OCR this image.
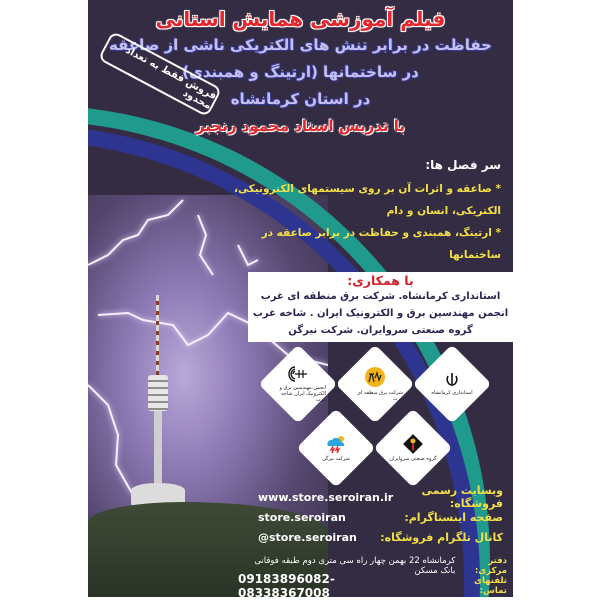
فیلم آموزشی همایش استانی
حفاظت در برابر تنش های الکتریکی ناشی از صاعقه
در ساختمانها (ارتینگ و همبندی)
در استان کرمانشاه
با تدریس استاد محمود رنجبر
فروش فقط به تعداد محدود
سر فصل ها:
* صاعقه و اثرات آن بر روی سیستمهای الکترونیکی،
الکتریکی، انسان و دام
* ارتینگ، همبندی و حفاظت در برابر صاعقه در ساختمانها
با همکاری:
استانداری کرمانشاه. شرکت برق منطقه ای غرب
انجمن مهندسین برق و الکترونیک ایران . شاخه غرب
گروه صنعتی سروایران. شرکت نیرگن
استانداری کرمانشاه
شرکت برق منطقه ای غرب
انجمن مهندسین برق و الکترونیک ایران شاخه غرب
گروه صنعتی سروایران
شرکت نیرگن
وبسایت رسمی فروشگاه:
www.store.seroiran.ir
صفحه اینستاگرام:
store.seroiran
کانال تلگرام فروشگاه:
@store.seroiran
دفتر مرکزی:
کرمانشاه 22 بهمن چهار راه سی متری دوم طبقه فوقانی بانک مسکن
تلفنهای تماس:
09183896082- 08338367008
